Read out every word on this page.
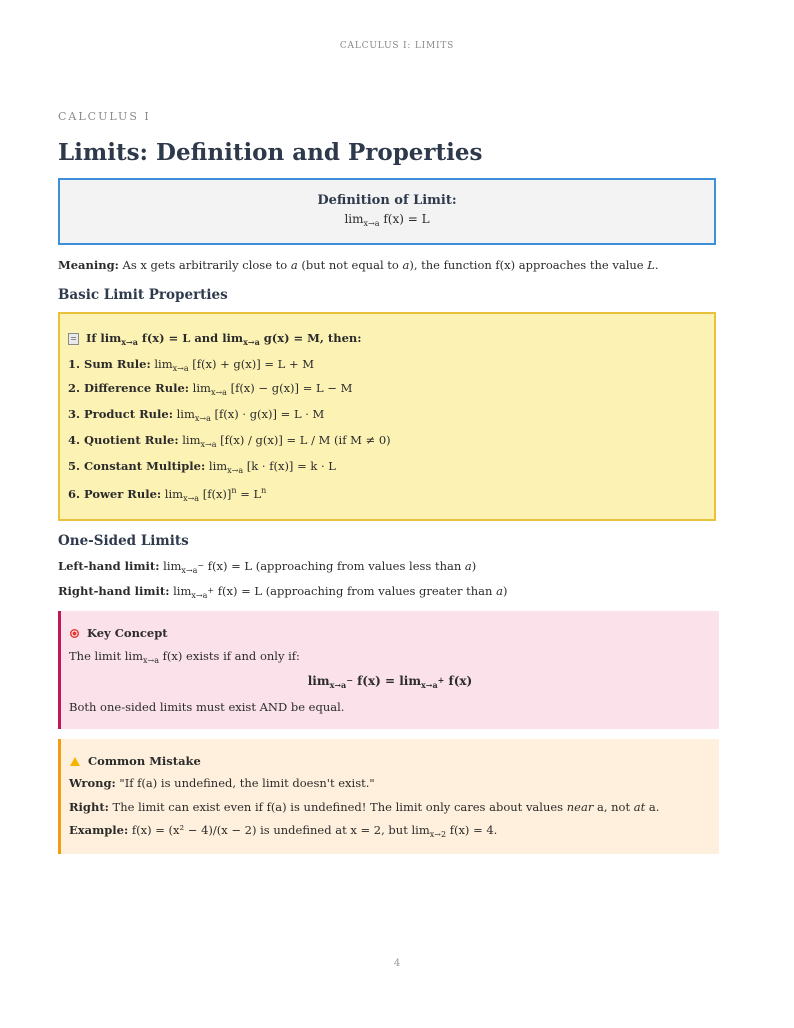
CALCULUS I: LIMITS
CALCULUS I
Limits: Definition and Properties
Definition of Limit:
$\lim_{x\to a} f(x) = L$
Meaning: As x gets arbitrarily close to a (but not equal to a), the function f(x) approaches the value L.
Basic Limit Properties
If $\lim_{x\to a} f(x) = L$ and $\lim_{x\to a} g(x) = M$, then:
1. Sum Rule: $\lim_{x\to a} [f(x) + g(x)] = L + M$
2. Difference Rule: $\lim_{x\to a} [f(x) - g(x)] = L - M$
3. Product Rule: $\lim_{x\to a} [f(x) \cdot g(x)] = L \cdot M$
4. Quotient Rule: $\lim_{x\to a} [f(x) / g(x)] = L / M$ (if M ≠ 0)
5. Constant Multiple: $\lim_{x\to a} [k \cdot f(x)] = k \cdot L$
6. Power Rule: $\lim_{x\to a} [f(x)]^n = L^n$
One-Sided Limits
Left-hand limit: $\lim_{x\to a^-} f(x) = L$ (approaching from values less than a)
Right-hand limit: $\lim_{x\to a^+} f(x) = L$ (approaching from values greater than a)
Key Concept
The limit $\lim_{x\to a} f(x)$ exists if and only if:
$\lim_{x\to a^-} f(x) = \lim_{x\to a^+} f(x)$
Both one-sided limits must exist AND be equal.
Common Mistake
Wrong: "If f(a) is undefined, the limit doesn't exist."
Right: The limit can exist even if f(a) is undefined! The limit only cares about values near a, not at a.
Example: f(x) = (x² − 4)/(x − 2) is undefined at x = 2, but $\lim_{x\to 2} f(x) = 4$.
4
